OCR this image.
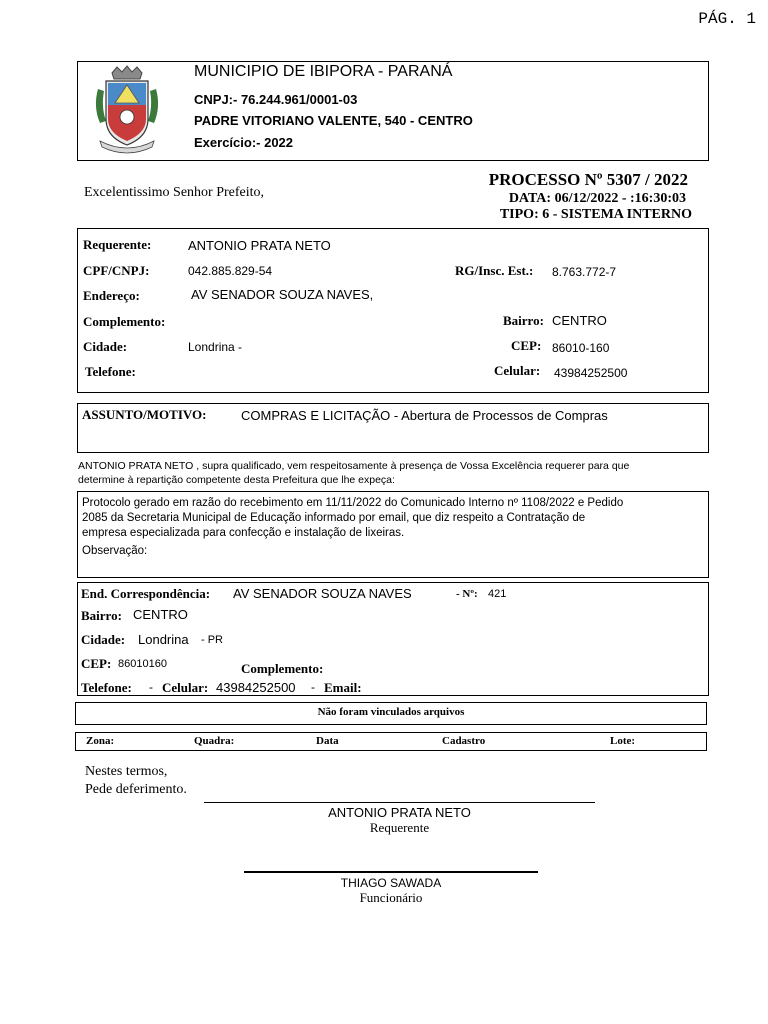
PÁG. 1
MUNICIPIO DE IBIPORA - PARANÁ
CNPJ:- 76.244.961/0001-03
PADRE VITORIANO VALENTE, 540 - CENTRO
Exercício:- 2022
Excelentissimo Senhor Prefeito,
PROCESSO Nº 5307 / 2022
DATA: 06/12/2022 - :16:30:03
TIPO: 6 - SISTEMA INTERNO
Requerente:	ANTONIO PRATA NETO
CPF/CNPJ:	042.885.829-54	RG/Insc. Est.: 8.763.772-7
Endereço:	AV SENADOR SOUZA NAVES,
Complemento:	Bairro: CENTRO
Cidade:	Londrina -	CEP: 86010-160
Telefone:	Celular: 43984252500
ASSUNTO/MOTIVO:	COMPRAS E LICITAÇÃO - Abertura de Processos de Compras
ANTONIO PRATA NETO , supra qualificado, vem respeitosamente à presença de Vossa Excelência requerer para que
determine à repartição competente desta Prefeitura que lhe expeça:
Protocolo gerado em razão do recebimento em 11/11/2022 do Comunicado Interno nº 1108/2022 e Pedido
2085 da Secretaria Municipal de Educação informado por email, que diz respeito a Contratação de
empresa especializada para confecção e instalação de lixeiras.
Observação:
End. Correspondência: AV SENADOR SOUZA NAVES	- Nº: 421
Bairro: CENTRO
Cidade: Londrina - PR
CEP: 86010160	Complemento:
Telefone: - Celular: 43984252500 - Email:
Não foram vinculados arquivos
Zona:	Quadra:	Data	Cadastro	Lote:
Nestes termos,
Pede deferimento.
ANTONIO PRATA NETO
Requerente
THIAGO SAWADA
Funcionário
